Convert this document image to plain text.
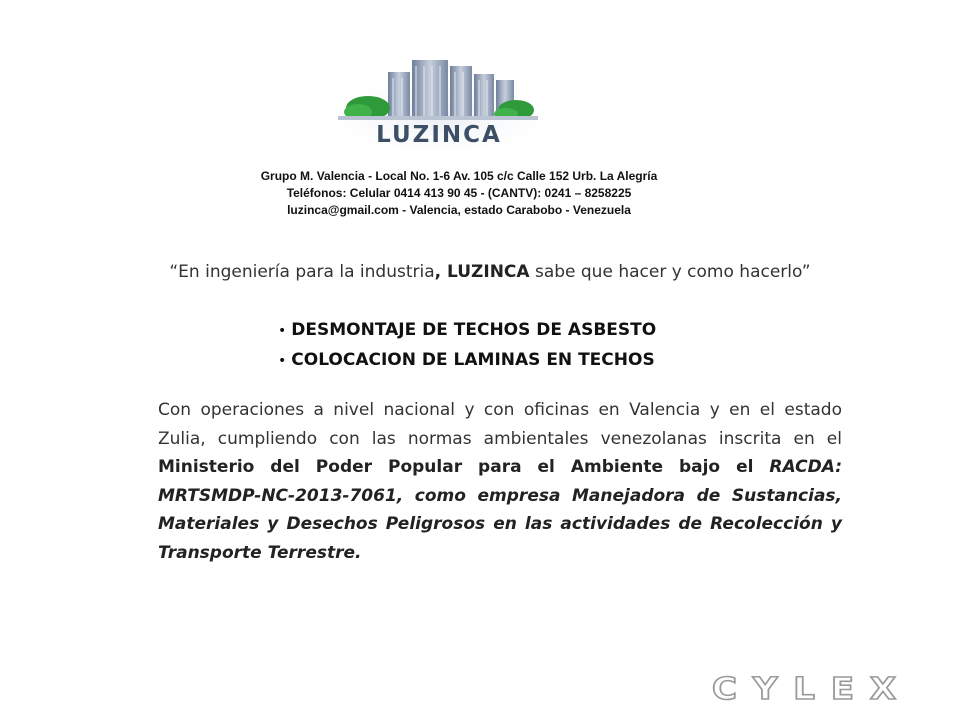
LUZINCA
Grupo M. Valencia - Local No. 1-6 Av. 105 c/c Calle 152 Urb. La Alegría
Teléfonos: Celular 0414 413 90 45 - (CANTV): 0241 – 8258225
luzinca@gmail.com - Valencia, estado Carabobo - Venezuela
“En ingeniería para la industria, LUZINCA sabe que hacer y como hacerlo”
• DESMONTAJE DE TECHOS DE ASBESTO
• COLOCACION DE LAMINAS EN TECHOS
Con operaciones a nivel nacional y con oficinas en Valencia y en el estado Zulia, cumpliendo con las normas ambientales venezolanas inscrita en el Ministerio del Poder Popular para el Ambiente bajo el RACDA: MRTSMDP-NC-2013-7061, como empresa Manejadora de Sustancias, Materiales y Desechos Peligrosos en las actividades de Recolección y Transporte Terrestre.
CYLEX
